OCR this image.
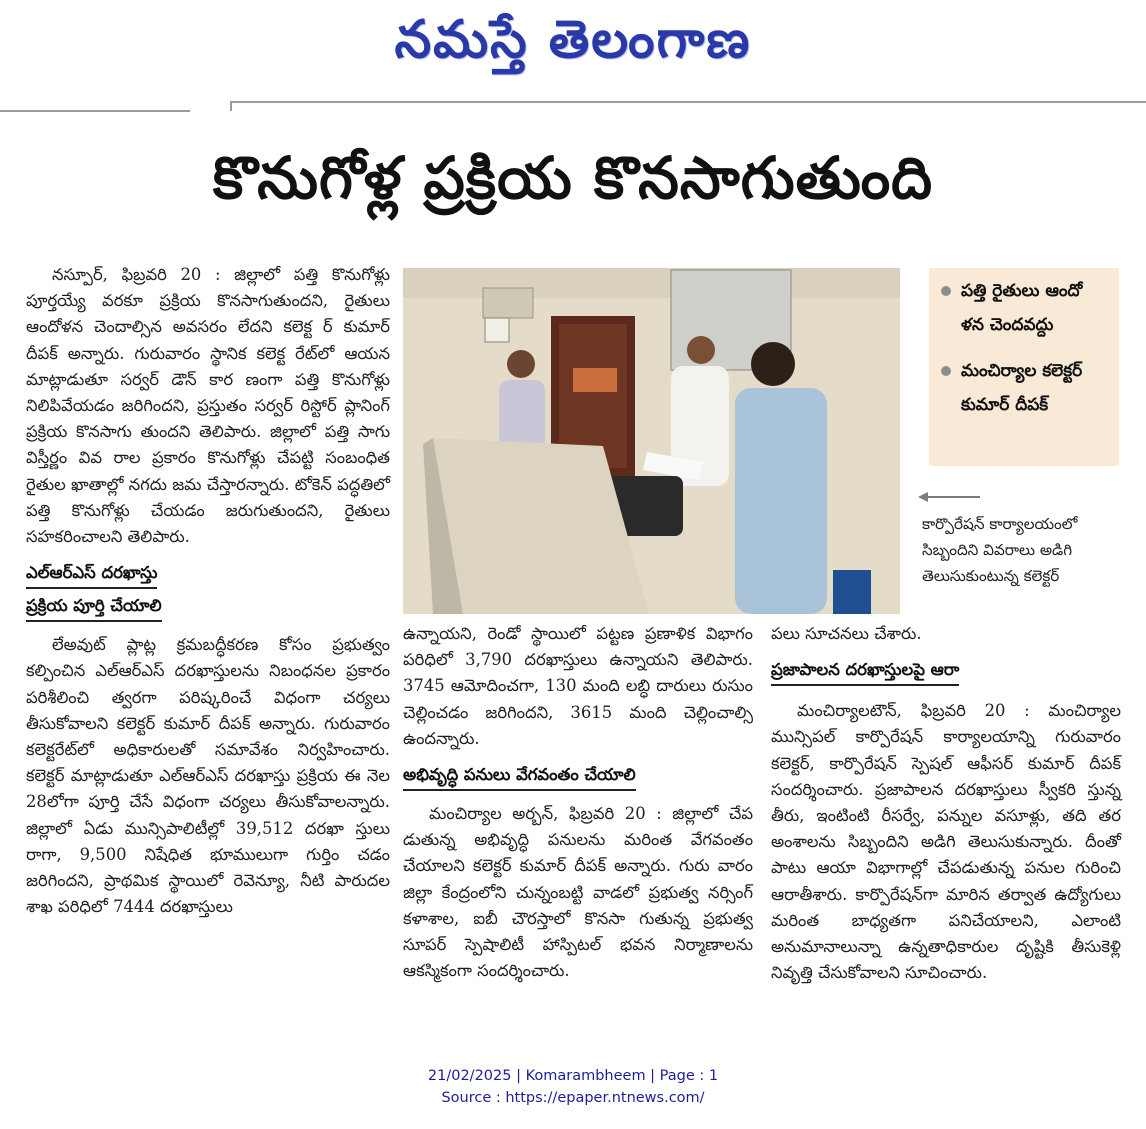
నమస్తే తెలంగాణ
కొనుగోళ్ల ప్రక్రియ కొనసాగుతుంది

నస్పూర్, ఫిబ్రవరి 20 : జిల్లాలో పత్తి కొనుగోళ్లు పూర్తయ్యే వరకూ ప్రక్రియ కొనసాగుతుందని, రైతులు ఆందోళన చెందాల్సిన అవసరం లేదని కలెక్ట ర్ కుమార్ దీపక్ అన్నారు. గురువారం స్థానిక కలెక్ట రేట్‌లో ఆయన మాట్లాడుతూ సర్వర్ డౌన్ కార ణంగా పత్తి కొనుగోళ్లు నిలిపివేయడం జరిగిందని, ప్రస్తుతం సర్వర్ రిస్టోర్ ప్లానింగ్ ప్రక్రియ కొనసాగు తుందని తెలిపారు. జిల్లాలో పత్తి సాగు విస్తీర్ణం వివ రాల ప్రకారం కొనుగోళ్లు చేపట్టి సంబంధిత రైతుల ఖాతాల్లో నగదు జమ చేస్తారన్నారు. టోకెన్ పద్ధతిలో పత్తి కొనుగోళ్లు చేయడం జరుగుతుందని, రైతులు సహకరించాలని తెలిపారు.

ఎల్ఆర్ఎస్ దరఖాస్తు
ప్రక్రియ పూర్తి చేయాలి

లేఅవుట్ ప్లాట్ల క్రమబద్ధీకరణ కోసం ప్రభుత్వం కల్పించిన ఎల్ఆర్ఎస్ దరఖాస్తులను నిబంధనల ప్రకారం పరిశీలించి త్వరగా పరిష్కరించే విధంగా చర్యలు తీసుకోవాలని కలెక్టర్ కుమార్ దీపక్ అన్నారు. గురువారం కలెక్టరేట్‌లో అధికారులతో సమావేశం నిర్వహించారు. కలెక్టర్ మాట్లాడుతూ ఎల్ఆర్ఎస్ దరఖాస్తు ప్రక్రియ ఈ నెల 28లోగా పూర్తి చేసే విధంగా చర్యలు తీసుకోవాలన్నారు. జిల్లాలో ఏడు మున్సిపాలిటీల్లో 39,512 దరఖా స్తులు రాగా, 9,500 నిషేధిత భూములుగా గుర్తిం చడం జరిగిందని, ప్రాథమిక స్థాయిలో రెవెన్యూ, నీటి పారుదల శాఖ పరిధిలో 7444 దరఖాస్తులు

పత్తి రైతులు ఆందో ళన చెందవద్దు
మంచిర్యాల కలెక్టర్ కుమార్ దీపక్
కార్పొరేషన్ కార్యాలయంలో సిబ్బందిని వివరాలు అడిగి తెలుసుకుంటున్న కలెక్టర్

ఉన్నాయని, రెండో స్థాయిలో పట్టణ ప్రణాళిక విభాగం పరిధిలో 3,790 దరఖాస్తులు ఉన్నాయని తెలిపారు. 3745 ఆమోదించగా, 130 మంది లబ్ధి దారులు రుసుం చెల్లించడం జరిగిందని, 3615 మంది చెల్లించాల్సి ఉందన్నారు.

అభివృద్ధి పనులు వేగవంతం చేయాలి

మంచిర్యాల అర్బన్, ఫిబ్రవరి 20 : జిల్లాలో చేప డుతున్న అభివృద్ధి పనులను మరింత వేగవంతం చేయాలని కలెక్టర్ కుమార్ దీపక్ అన్నారు. గురు వారం జిల్లా కేంద్రంలోని చున్నంబట్టి వాడలో ప్రభుత్వ నర్సింగ్ కళాశాల, ఐబీ చౌరస్తాలో కొనసా గుతున్న ప్రభుత్వ సూపర్ స్పెషాలిటీ హాస్పిటల్ భవన నిర్మాణాలను ఆకస్మికంగా సందర్శించారు.

పలు సూచనలు చేశారు.

ప్రజాపాలన దరఖాస్తులపై ఆరా

మంచిర్యాలటౌన్, ఫిబ్రవరి 20 : మంచిర్యాల మున్సిపల్ కార్పొరేషన్ కార్యాలయాన్ని గురువారం కలెక్టర్, కార్పొరేషన్ స్పెషల్ ఆఫీసర్ కుమార్ దీపక్ సందర్శించారు. ప్రజాపాలన దరఖాస్తులు స్వీకరి స్తున్న తీరు, ఇంటింటి రీసర్వే, పన్నుల వసూళ్లు, తది తర అంశాలను సిబ్బందిని అడిగి తెలుసుకున్నారు. దీంతో పాటు ఆయా విభాగాల్లో చేపడుతున్న పనుల గురించి ఆరాతీశారు. కార్పొరేషన్‌గా మారిన తర్వాత ఉద్యోగులు మరింత బాధ్యతగా పనిచేయాలని, ఎలాంటి అనుమానాలున్నా ఉన్నతాధికారుల దృష్టికి తీసుకెళ్లి నివృత్తి చేసుకోవాలని సూచించారు.

21/02/2025 | Komarambheem | Page : 1
Source : https://epaper.ntnews.com/
